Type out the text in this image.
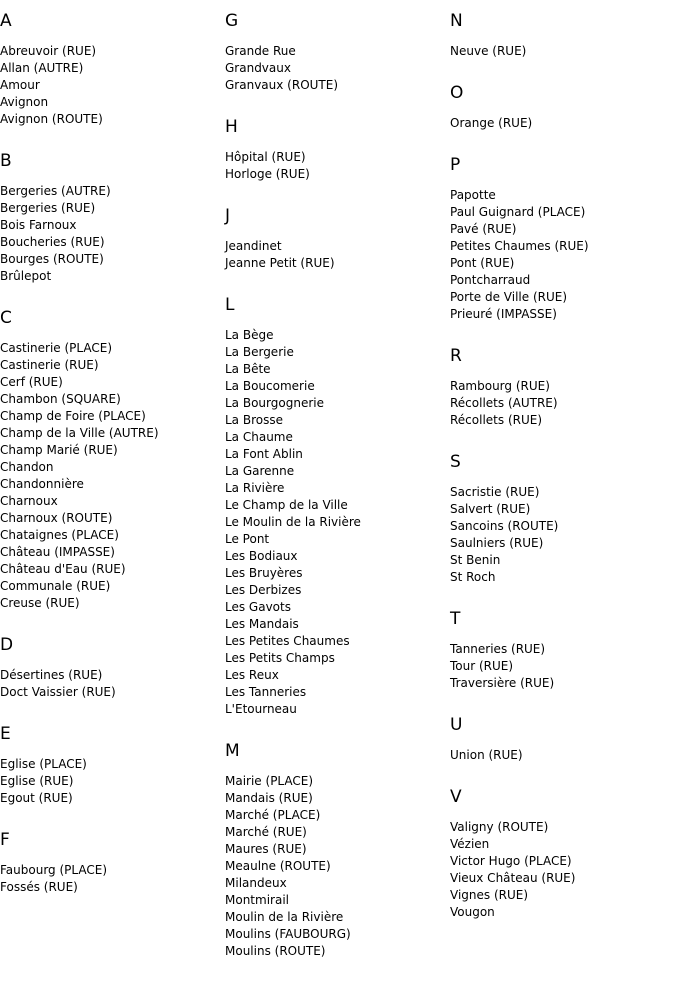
A
Abreuvoir (RUE)
Allan (AUTRE)
Amour
Avignon
Avignon (ROUTE)
B
Bergeries (AUTRE)
Bergeries (RUE)
Bois Farnoux
Boucheries (RUE)
Bourges (ROUTE)
Brûlepot
C
Castinerie (PLACE)
Castinerie (RUE)
Cerf (RUE)
Chambon (SQUARE)
Champ de Foire (PLACE)
Champ de la Ville (AUTRE)
Champ Marié (RUE)
Chandon
Chandonnière
Charnoux
Charnoux (ROUTE)
Chataignes (PLACE)
Château (IMPASSE)
Château d'Eau (RUE)
Communale (RUE)
Creuse (RUE)
D
Désertines (RUE)
Doct Vaissier (RUE)
E
Eglise (PLACE)
Eglise (RUE)
Egout (RUE)
F
Faubourg (PLACE)
Fossés (RUE)
G
Grande Rue
Grandvaux
Granvaux (ROUTE)
H
Hôpital (RUE)
Horloge (RUE)
J
Jeandinet
Jeanne Petit (RUE)
L
La Bège
La Bergerie
La Bête
La Boucomerie
La Bourgognerie
La Brosse
La Chaume
La Font Ablin
La Garenne
La Rivière
Le Champ de la Ville
Le Moulin de la Rivière
Le Pont
Les Bodiaux
Les Bruyères
Les Derbizes
Les Gavots
Les Mandais
Les Petites Chaumes
Les Petits Champs
Les Reux
Les Tanneries
L'Etourneau
M
Mairie (PLACE)
Mandais (RUE)
Marché (PLACE)
Marché (RUE)
Maures (RUE)
Meaulne (ROUTE)
Milandeux
Montmirail
Moulin de la Rivière
Moulins (FAUBOURG)
Moulins (ROUTE)
N
Neuve (RUE)
O
Orange (RUE)
P
Papotte
Paul Guignard (PLACE)
Pavé (RUE)
Petites Chaumes (RUE)
Pont (RUE)
Pontcharraud
Porte de Ville (RUE)
Prieuré (IMPASSE)
R
Rambourg (RUE)
Récollets (AUTRE)
Récollets (RUE)
S
Sacristie (RUE)
Salvert (RUE)
Sancoins (ROUTE)
Saulniers (RUE)
St Benin
St Roch
T
Tanneries (RUE)
Tour (RUE)
Traversière (RUE)
U
Union (RUE)
V
Valigny (ROUTE)
Vézien
Victor Hugo (PLACE)
Vieux Château (RUE)
Vignes (RUE)
Vougon
